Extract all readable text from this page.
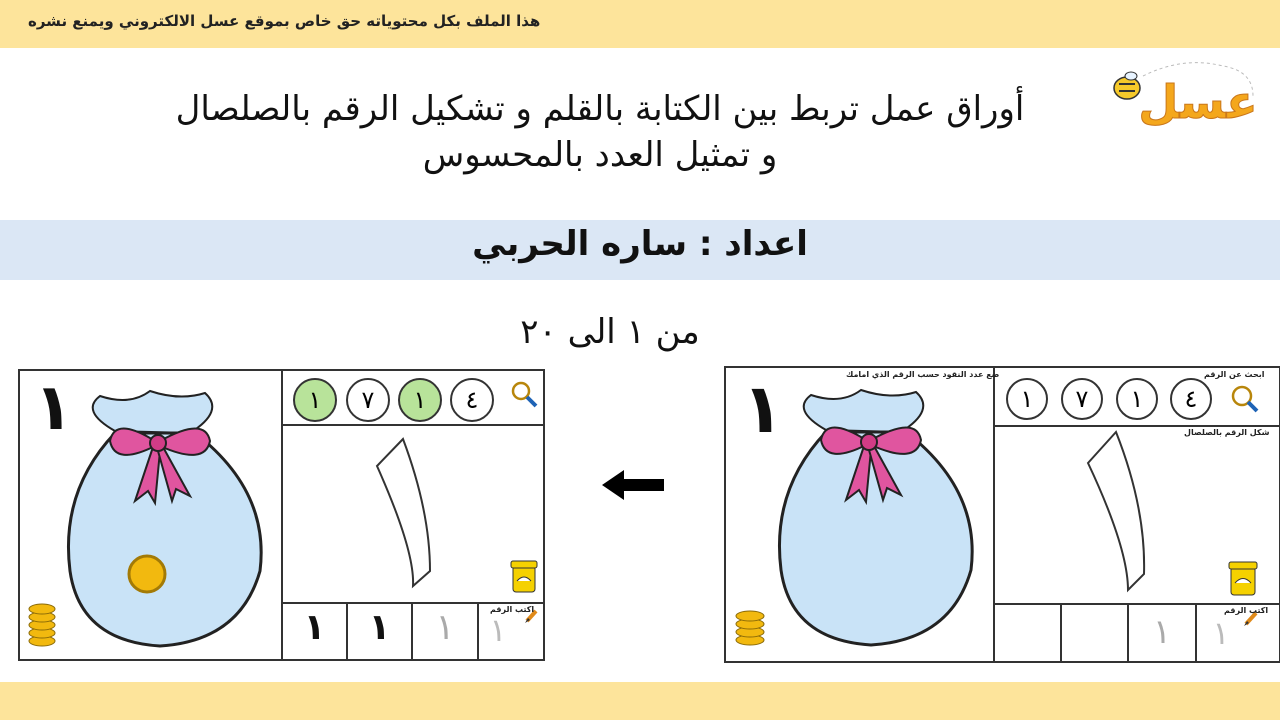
هذا الملف بكل محتوياته حق خاص بموقع عسل الالكتروني ويمنع نشره
عسل
أوراق عمل تربط بين الكتابة بالقلم و تشكيل الرقم بالصلصال
و تمثيل العدد بالمحسوس
اعداد : ساره الحربي
من ١ الى ٢٠
١	١	٧	١	٤
١	١	١	١
اكتب الرقم
١	ضع عدد النقود حسب الرقم الذي امامك	ابحث عن الرقم
شكل الرقم بالصلصال
١	٧	١	٤
١	١
اكتب الرقم
